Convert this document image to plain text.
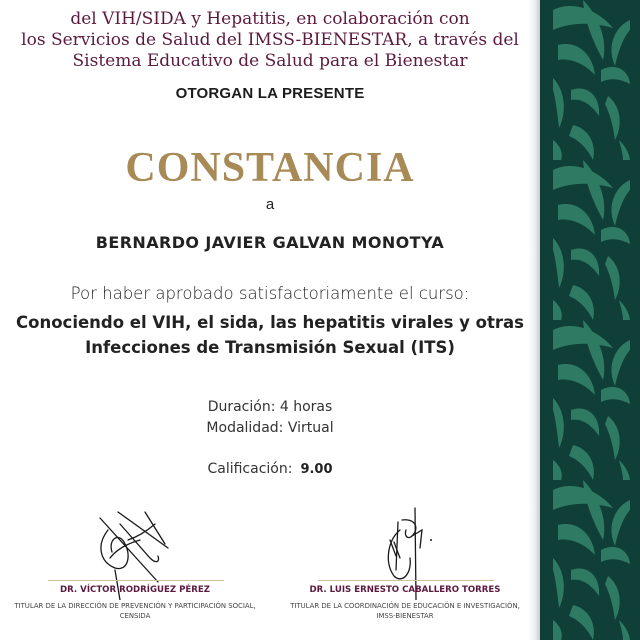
del VIH/SIDA y Hepatitis, en colaboración con
los Servicios de Salud del IMSS-BIENESTAR, a través del
Sistema Educativo de Salud para el Bienestar
OTORGAN LA PRESENTE
CONSTANCIA
a
BERNARDO JAVIER GALVAN MONOTYA
Por haber aprobado satisfactoriamente el curso:
Conociendo el VIH, el sida, las hepatitis virales y otras
Infecciones de Transmisión Sexual (ITS)
Duración: 4 horas
Modalidad: Virtual
Calificación: 9.00
DR. VÍCTOR RODRÍGUEZ PÉREZ
TITULAR DE LA DIRECCIÓN DE PREVENCIÓN Y PARTICIPACIÓN SOCIAL,
CENSIDA
DR. LUIS ERNESTO CABALLERO TORRES
TITULAR DE LA COORDINACIÓN DE EDUCACIÓN E INVESTIGACIÓN,
IMSS-BIENESTAR
